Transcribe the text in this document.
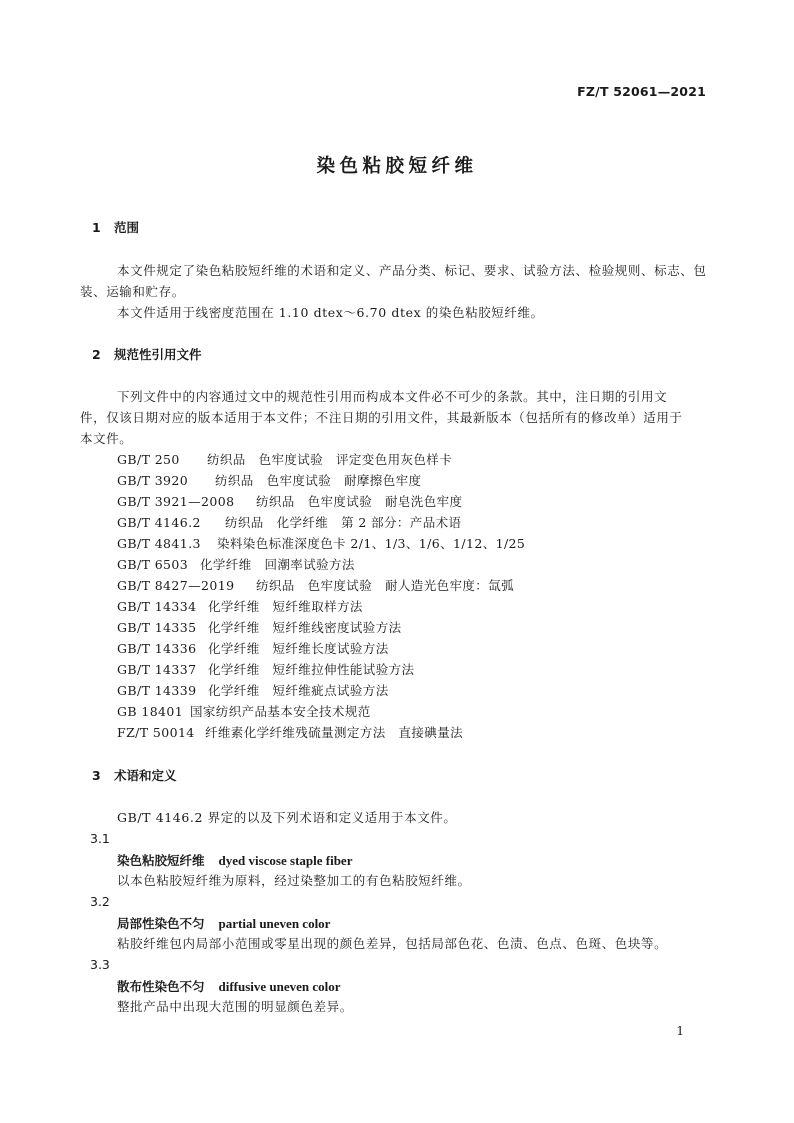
FZ/T 52061—2021
染色粘胶短纤维
1 范围
本文件规定了染色粘胶短纤维的术语和定义、产品分类、标记、要求、试验方法、检验规则、标志、包
装、运输和贮存。
本文件适用于线密度范围在 1.10 dtex～6.70 dtex 的染色粘胶短纤维。
2 规范性引用文件
下列文件中的内容通过文中的规范性引用而构成本文件必不可少的条款。其中，注日期的引用文
件，仅该日期对应的版本适用于本文件；不注日期的引用文件，其最新版本（包括所有的修改单）适用于
本文件。
GB/T 250 纺织品　色牢度试验　评定变色用灰色样卡
GB/T 3920 纺织品　色牢度试验　耐摩擦色牢度
GB/T 3921—2008 纺织品　色牢度试验　耐皂洗色牢度
GB/T 4146.2 纺织品　化学纤维　第 2 部分：产品术语
GB/T 4841.3 染料染色标准深度色卡 2/1、1/3、1/6、1/12、1/25
GB/T 6503 化学纤维　回潮率试验方法
GB/T 8427—2019 纺织品　色牢度试验　耐人造光色牢度：氙弧
GB/T 14334 化学纤维　短纤维取样方法
GB/T 14335 化学纤维　短纤维线密度试验方法
GB/T 14336 化学纤维　短纤维长度试验方法
GB/T 14337 化学纤维　短纤维拉伸性能试验方法
GB/T 14339 化学纤维　短纤维疵点试验方法
GB 18401 国家纺织产品基本安全技术规范
FZ/T 50014 纤维素化学纤维残硫量测定方法　直接碘量法
3 术语和定义
GB/T 4146.2 界定的以及下列术语和定义适用于本文件。
3.1
染色粘胶短纤维 dyed viscose staple fiber
以本色粘胶短纤维为原料，经过染整加工的有色粘胶短纤维。
3.2
局部性染色不匀 partial uneven color
粘胶纤维包内局部小范围或零星出现的颜色差异，包括局部色花、色渍、色点、色斑、色块等。
3.3
散布性染色不匀 diffusive uneven color
整批产品中出现大范围的明显颜色差异。
1
